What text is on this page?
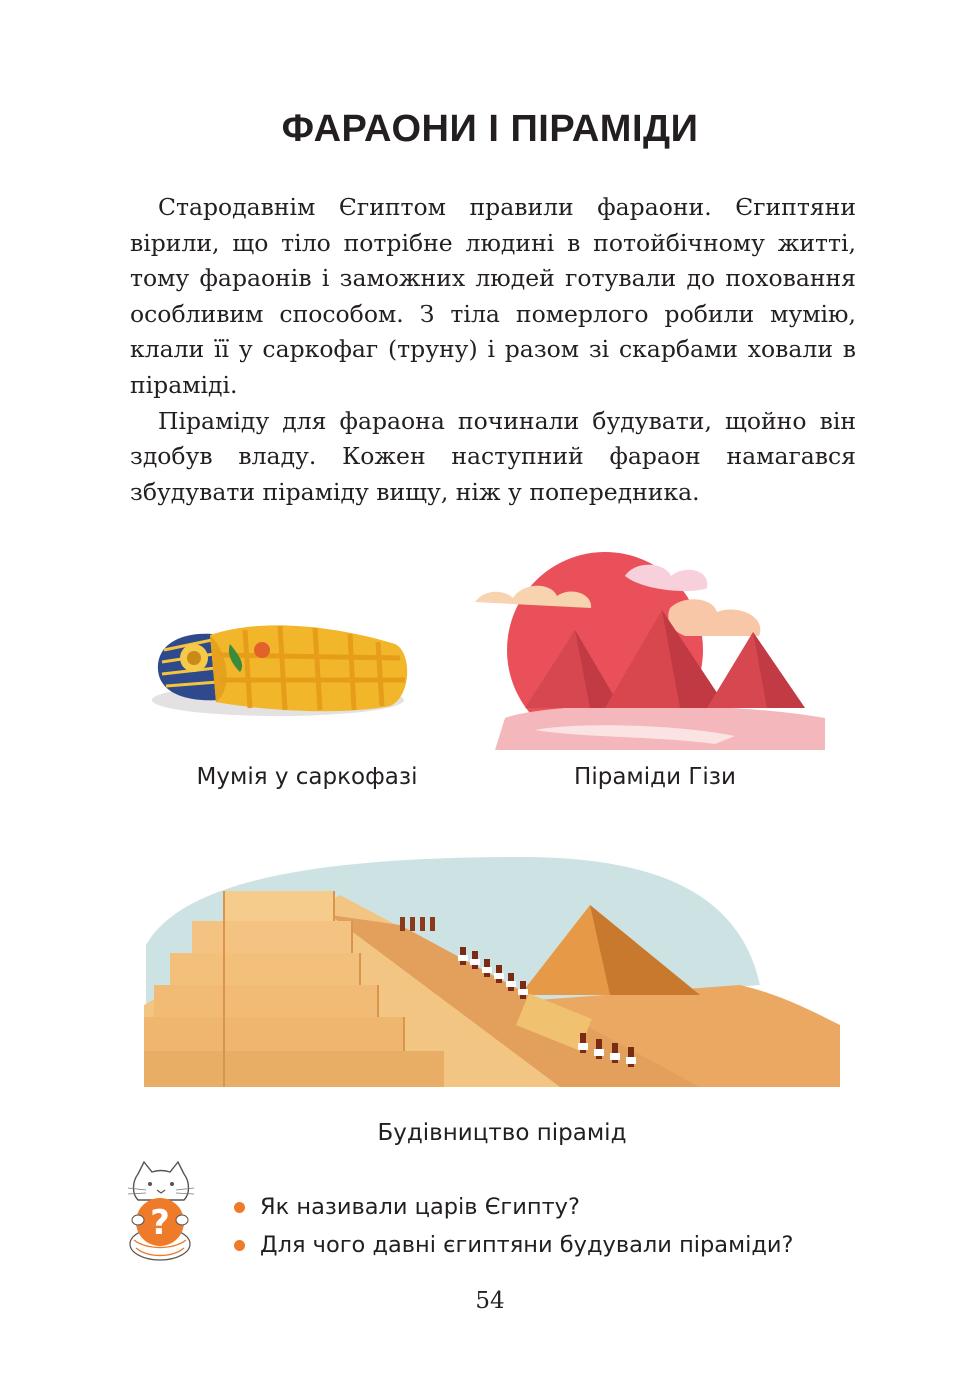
ФАРАОНИ І ПІРАМІДИ

Стародавнім Єгиптом правили фараони. Єгиптяни вірили, що тіло потрібне людині в потойбічному житті, тому фараонів і заможних людей готували до поховання особливим способом. З тіла померлого робили мумію, клали її у саркофаг (труну) і разом зі скарбами ховали в піраміді.

Піраміду для фараона починали будувати, щойно він здобув владу. Кожен наступний фараон намагався збудувати піраміду вищу, ніж у попередника.

Мумія у саркофазі	Піраміди Гізи
Будівництво пірамід
?	Як називали царів Єгипту?
Для чого давні єгиптяни будували піраміди?
54
